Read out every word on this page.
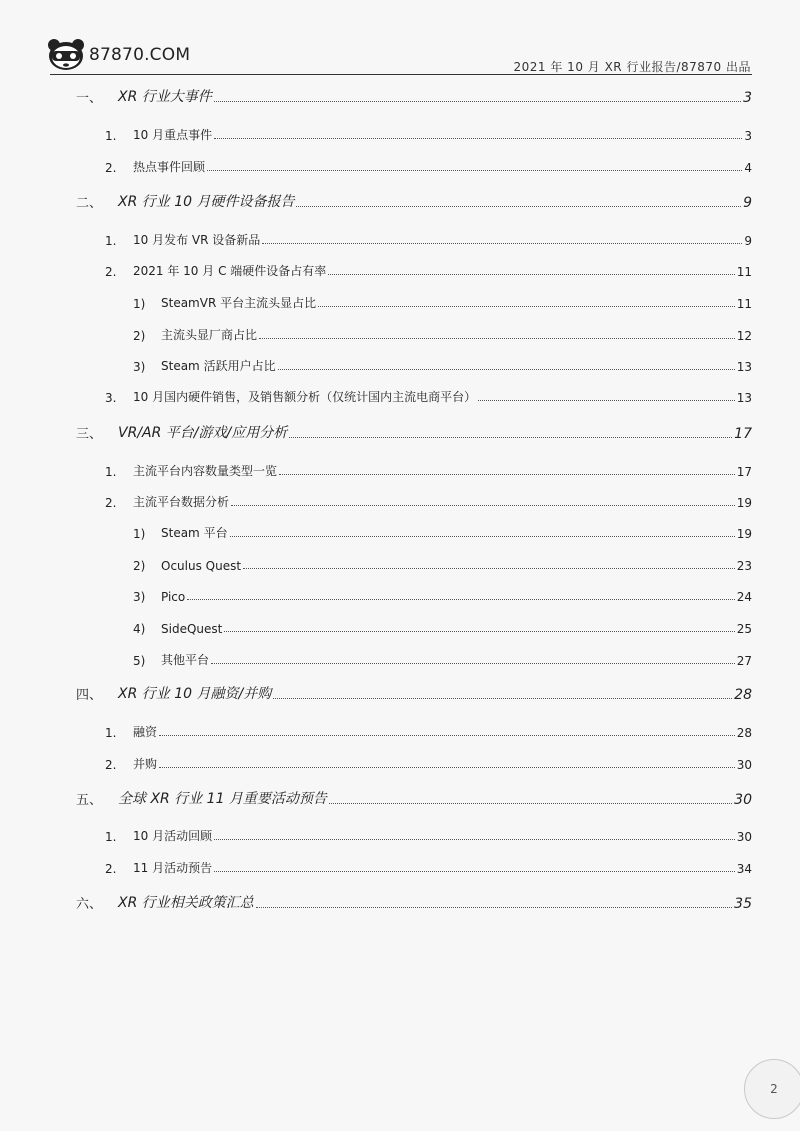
87870.COM
2021 年 10 月 XR 行业报告/87870 出品
一、 XR 行业大事件	3
1. 10 月重点事件	3
2. 热点事件回顾	4
二、 XR 行业 10 月硬件设备报告	9
1. 10 月发布 VR 设备新品	9
2. 2021 年 10 月 C 端硬件设备占有率	11
1) SteamVR 平台主流头显占比	11
2) 主流头显厂商占比	12
3) Steam 活跃用户占比	13
3. 10 月国内硬件销售，及销售额分析（仅统计国内主流电商平台）	13
三、 VR/AR 平台/游戏/应用分析	17
1. 主流平台内容数量类型一览	17
2. 主流平台数据分析	19
1) Steam 平台	19
2) Oculus Quest	23
3) Pico	24
4) SideQuest	25
5) 其他平台	27
四、 XR 行业 10 月融资/并购	28
1. 融资	28
2. 并购	30
五、 全球 XR 行业 11 月重要活动预告	30
1. 10 月活动回顾	30
2. 11 月活动预告	34
六、 XR 行业相关政策汇总	35
2
